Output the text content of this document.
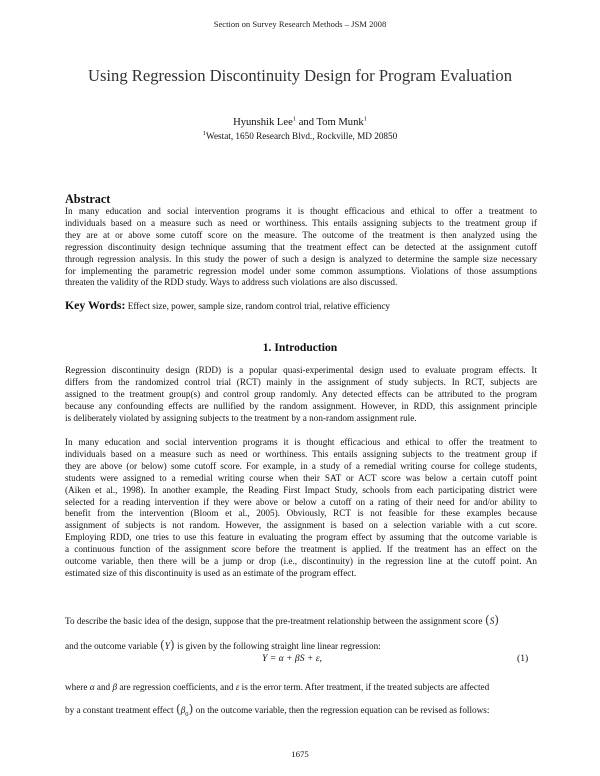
Section on Survey Research Methods – JSM 2008
Using Regression Discontinuity Design for Program Evaluation
Hyunshik Lee$^1$ and Tom Munk$^1$
$^1$Westat, 1650 Research Blvd., Rockville, MD 20850
Abstract
In many education and social intervention programs it is thought efficacious and ethical to offer a treatment to
individuals based on a measure such as need or worthiness. This entails assigning subjects to the treatment group if
they are at or above some cutoff score on the measure. The outcome of the treatment is then analyzed using the
regression discontinuity design technique assuming that the treatment effect can be detected at the assignment cutoff
through regression analysis. In this study the power of such a design is analyzed to determine the sample size necessary
for implementing the parametric regression model under some common assumptions. Violations of those assumptions
threaten the validity of the RDD study. Ways to address such violations are also discussed.
Key Words: Effect size, power, sample size, random control trial, relative efficiency
1. Introduction
Regression discontinuity design (RDD) is a popular quasi-experimental design used to evaluate program effects. It
differs from the randomized control trial (RCT) mainly in the assignment of study subjects. In RCT, subjects are
assigned to the treatment group(s) and control group randomly. Any detected effects can be attributed to the program
because any confounding effects are nullified by the random assignment. However, in RDD, this assignment principle
is deliberately violated by assigning subjects to the treatment by a non-random assignment rule.
In many education and social intervention programs it is thought efficacious and ethical to offer the treatment to
individuals based on a measure such as need or worthiness. This entails assigning subjects to the treatment group if
they are above (or below) some cutoff score. For example, in a study of a remedial writing course for college students,
students were assigned to a remedial writing course when their SAT or ACT score was below a certain cutoff point
(Aiken et al., 1998). In another example, the Reading First Impact Study, schools from each participating district were
selected for a reading intervention if they were above or below a cutoff on a rating of their need for and/or ability to
benefit from the intervention (Bloom et al., 2005). Obviously, RCT is not feasible for these examples because
assignment of subjects is not random. However, the assignment is based on a selection variable with a cut score.
Employing RDD, one tries to use this feature in evaluating the program effect by assuming that the outcome variable is
a continuous function of the assignment score before the treatment is applied. If the treatment has an effect on the
outcome variable, then there will be a jump or drop (i.e., discontinuity) in the regression line at the cutoff point. An
estimated size of this discontinuity is used as an estimate of the program effect.
To describe the basic idea of the design, suppose that the pre-treatment relationship between the assignment score (S)
and the outcome variable (Y) is given by the following straight line linear regression:
Y = α + βS + ε,	(1)
where α and β are regression coefficients, and ε is the error term. After treatment, if the treated subjects are affected
by a constant treatment effect $(\beta_0)$ on the outcome variable, then the regression equation can be revised as follows:
1675
